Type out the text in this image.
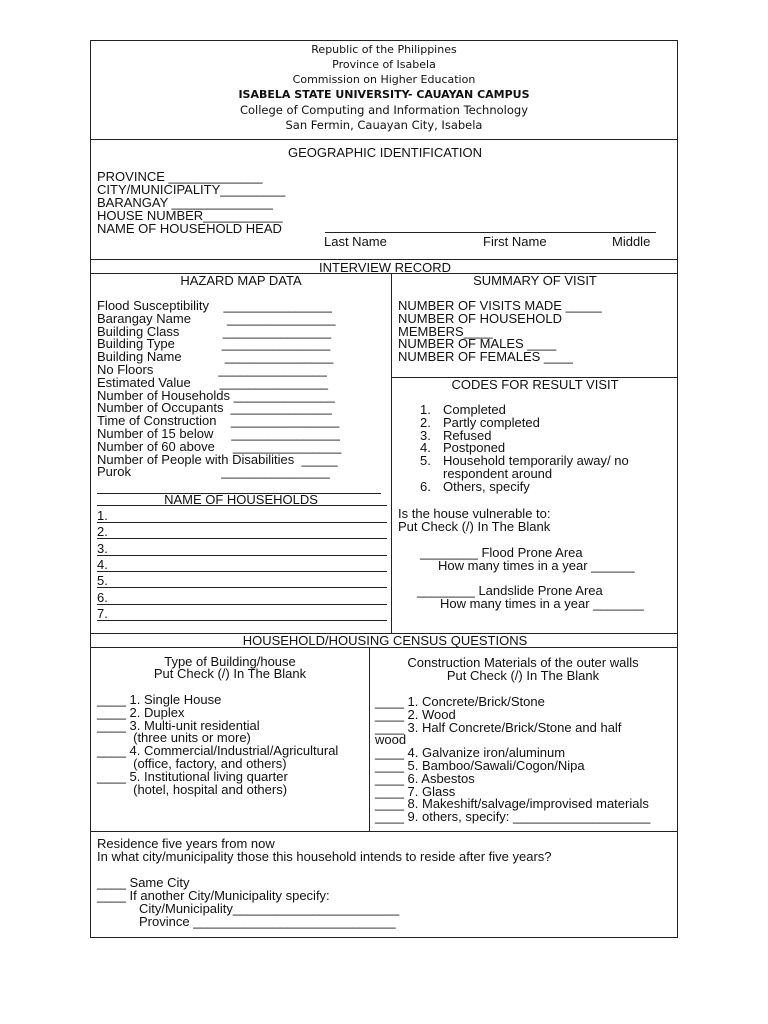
Republic of the Philippines
Province of Isabela
Commission on Higher Education
ISABELA STATE UNIVERSITY- CAUAYAN CAMPUS
College of Computing and Information Technology
San Fermin, Cauayan City, Isabela
GEOGRAPHIC IDENTIFICATION
PROVINCE _____________
CITY/MUNICIPALITY_________
BARANGAY ______________
HOUSE NUMBER___________
NAME OF HOUSEHOLD HEAD
Last Name	First Name	Middle
INTERVIEW RECORD
HAZARD MAP DATA
Flood Susceptibility    _______________
Barangay Name          _______________
Building Class            _______________
Building Type             _______________
Building Name            _______________
No Floors                  _______________
Estimated Value        _______________
Number of Households ______________
Number of Occupants  ______________
Time of Construction    _______________
Number of 15 below     _______________
Number of 60 above     _______________
Number of People with Disabilities  _____
Purok                         _______________
NAME OF HOUSEHOLDS
1.
2.
3.
4.
5.
6.
7.
SUMMARY OF VISIT
NUMBER OF VISITS MADE _____
NUMBER OF HOUSEHOLD
MEMBERS____
NUMBER OF MALES ____
NUMBER OF FEMALES ____
CODES FOR RESULT VISIT
1. Completed
2. Partly completed
3. Refused
4. Postponed
5. Household temporarily away/ no
respondent around
6. Others, specify
Is the house vulnerable to:
Put Check (/) In The Blank
________ Flood Prone Area
How many times in a year ______
________ Landslide Prone Area
How many times in a year _______
HOUSEHOLD/HOUSING CENSUS QUESTIONS
Type of Building/house
Put Check (/) In The Blank
____ 1. Single House
____ 2. Duplex
____ 3. Multi-unit residential
(three units or more)
____ 4. Commercial/Industrial/Agricultural
(office, factory, and others)
____ 5. Institutional living quarter
(hotel, hospital and others)
Construction Materials of the outer walls
Put Check (/) In The Blank
____ 1. Concrete/Brick/Stone
____ 2. Wood
____ 3. Half Concrete/Brick/Stone and half
wood
____ 4. Galvanize iron/aluminum
____ 5. Bamboo/Sawali/Cogon/Nipa
____ 6. Asbestos
____ 7. Glass
____ 8. Makeshift/salvage/improvised materials
____ 9. others, specify: ___________________
Residence five years from now
In what city/municipality those this household intends to reside after five years?
____ Same City
____ If another City/Municipality specify:
City/Municipality_______________________
Province ____________________________
